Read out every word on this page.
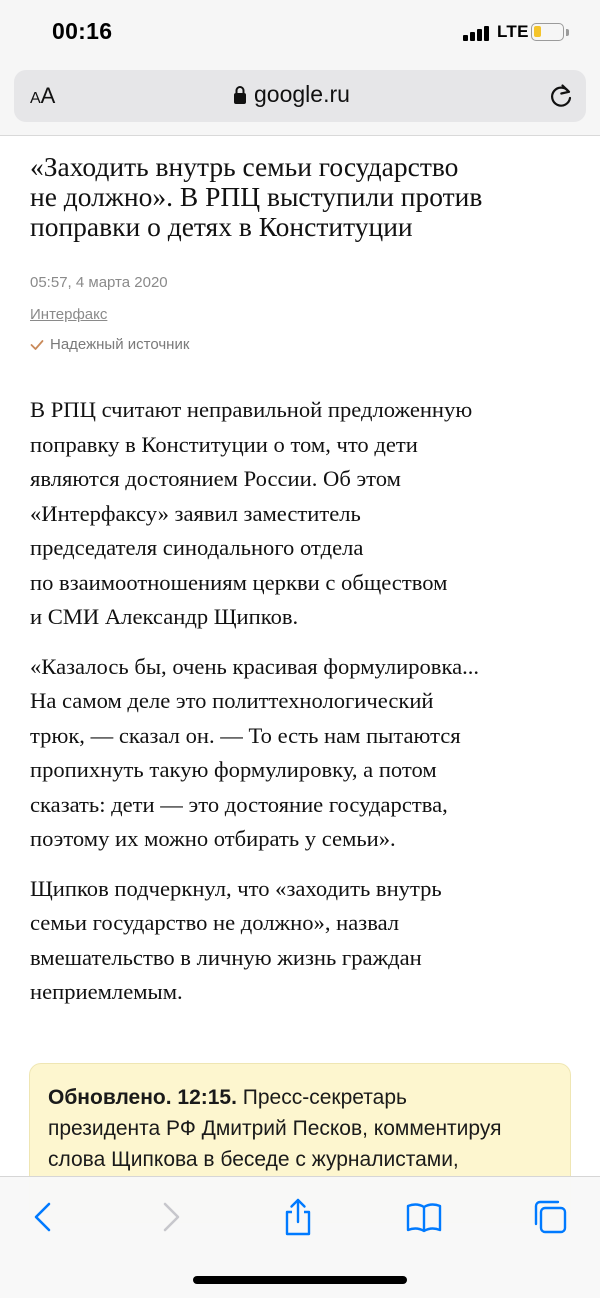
00:16	LTE
AA	google.ru
«Заходить внутрь семьи государство
не должно». В РПЦ выступили против
поправки о детях в Конституции
05:57, 4 марта 2020
Интерфакс
Надежный источник
В РПЦ считают неправильной предложенную
поправку в Конституции о том, что дети
являются достоянием России. Об этом
«Интерфаксу» заявил заместитель
председателя синодального отдела
по взаимоотношениям церкви с обществом
и СМИ Александр Щипков.
«Казалось бы, очень красивая формулировка...
На самом деле это политтехнологический
трюк, — сказал он. — То есть нам пытаются
пропихнуть такую формулировку, а потом
сказать: дети — это достояние государства,
поэтому их можно отбирать у семьи».
Щипков подчеркнул, что «заходить внутрь
семьи государство не должно», назвал
вмешательство в личную жизнь граждан
неприемлемым.
Обновлено. 12:15. Пресс-секретарь
президента РФ Дмитрий Песков, комментируя
слова Щипкова в беседе с журналистами,
